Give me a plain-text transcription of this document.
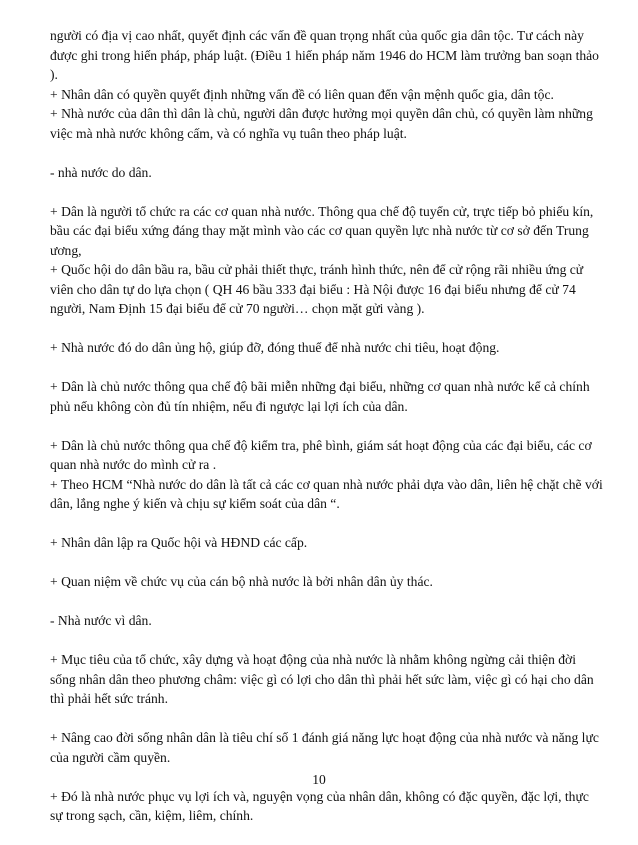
người có địa vị cao nhất, quyết định các vấn đề quan trọng nhất của quốc gia dân tộc. Tư cách này
được ghi trong hiến pháp, pháp luật. (Điều 1 hiến pháp năm 1946 do HCM làm trưởng ban soạn thảo
).
+ Nhân dân có quyền quyết định những vấn đề có liên quan đến vận mệnh quốc gia, dân tộc.
+ Nhà nước của dân thì dân là chủ, người dân được hưởng mọi quyền dân chủ, có quyền làm những
việc mà nhà nước không cấm, và có nghĩa vụ tuân theo pháp luật.
- nhà nước do dân.
+ Dân là người tổ chức ra các cơ quan nhà nước. Thông qua chế độ tuyển cử, trực tiếp bỏ phiếu kín,
bầu các đại biểu xứng đáng thay mặt mình vào các cơ quan quyền lực nhà nước từ cơ sở đến Trung
ương,
+ Quốc hội do dân bầu ra, bầu cử phải thiết thực, tránh hình thức, nên để cử rộng rãi nhiều ứng cử
viên cho dân tự do lựa chọn ( QH 46 bầu 333 đại biểu : Hà Nội được 16 đại biểu nhưng để cử 74
người, Nam Định 15 đại biểu để cử 70 người… chọn mặt gửi vàng ).
+ Nhà nước đó do dân ủng hộ, giúp đỡ, đóng thuế để nhà nước chi tiêu, hoạt động.
+ Dân là chủ nước thông qua chế độ bãi miễn những đại biểu, những cơ quan nhà nước kể cả chính
phủ nếu không còn đủ tín nhiệm, nếu đi ngược lại lợi ích của dân.
+ Dân là chủ nước thông qua chế độ kiểm tra, phê bình, giám sát hoạt động của các đại biểu, các cơ
quan nhà nước do mình cử ra .
+ Theo HCM “Nhà nước do dân là tất cả các cơ quan nhà nước phải dựa vào dân, liên hệ chặt chẽ với
dân, lắng nghe ý kiến và chịu sự kiểm soát của dân “.
+ Nhân dân lập ra Quốc hội và HĐND các cấp.
+ Quan niệm về chức vụ của cán bộ nhà nước là bởi nhân dân ủy thác.
- Nhà nước vì dân.
+ Mục tiêu của tổ chức, xây dựng và hoạt động của nhà nước là nhằm không ngừng cải thiện đời
sống nhân dân theo phương châm: việc gì có lợi cho dân thì phải hết sức làm, việc gì có hại cho dân
thì phải hết sức tránh.
+ Nâng cao đời sống nhân dân là tiêu chí số 1 đánh giá năng lực hoạt động của nhà nước và năng lực
của người cầm quyền.
+ Đó là nhà nước phục vụ lợi ích và, nguyện vọng của nhân dân, không có đặc quyền, đặc lợi, thực
sự trong sạch, cần, kiệm, liêm, chính.
10
